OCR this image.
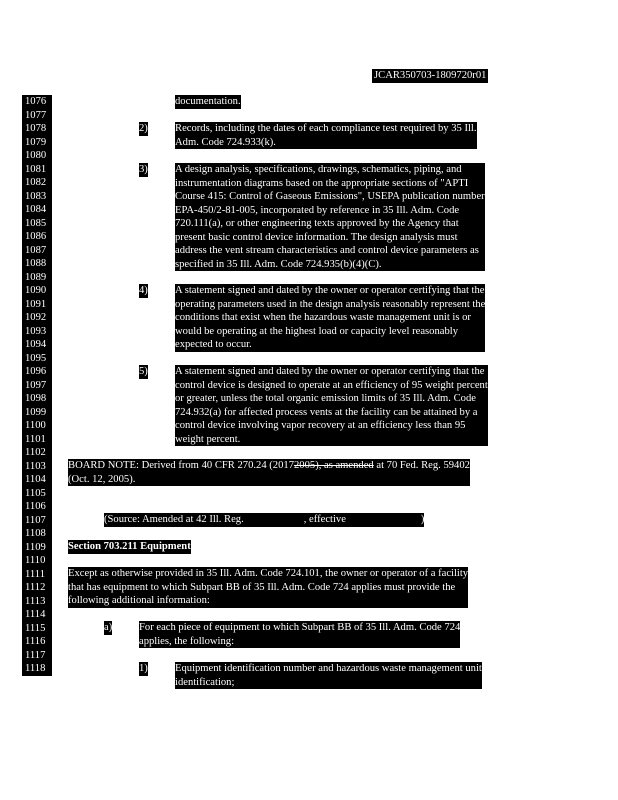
JCAR350703-1809720r01
1076
1077
1078
1079
1080
1081
1082
1083
1084
1085
1086
1087
1088
1089
1090
1091
1092
1093
1094
1095
1096
1097
1098
1099
1100
1101
1102
1103
1104
1105
1106
1107
1108
1109
1110
1111
1112
1113
1114
1115
1116
1117
1118
documentation.
2)	Records, including the dates of each compliance test required by 35 Ill.
Adm. Code 724.933(k).
3)	A design analysis, specifications, drawings, schematics, piping, and
instrumentation diagrams based on the appropriate sections of "APTI
Course 415: Control of Gaseous Emissions", USEPA publication number
EPA-450/2-81-005, incorporated by reference in 35 Ill. Adm. Code
720.111(a), or other engineering texts approved by the Agency that
present basic control device information. The design analysis must
address the vent stream characteristics and control device parameters as
specified in 35 Ill. Adm. Code 724.935(b)(4)(C).
4)	A statement signed and dated by the owner or operator certifying that the
operating parameters used in the design analysis reasonably represent the
conditions that exist when the hazardous waste management unit is or
would be operating at the highest load or capacity level reasonably
expected to occur.
5)	A statement signed and dated by the owner or operator certifying that the
control device is designed to operate at an efficiency of 95 weight percent
or greater, unless the total organic emission limits of 35 Ill. Adm. Code
724.932(a) for affected process vents at the facility can be attained by a
control device involving vapor recovery at an efficiency less than 95
weight percent.
BOARD NOTE: Derived from 40 CFR 270.24 (20172005), as amended at 70 Fed. Reg. 59402
(Oct. 12, 2005).
(Source: Amended at 42 Ill. Reg.	, effective	)
Section 703.211 Equipment
Except as otherwise provided in 35 Ill. Adm. Code 724.101, the owner or operator of a facility
that has equipment to which Subpart BB of 35 Ill. Adm. Code 724 applies must provide the
following additional information:
a)	For each piece of equipment to which Subpart BB of 35 Ill. Adm. Code 724
applies, the following:
1)	Equipment identification number and hazardous waste management unit
identification;
